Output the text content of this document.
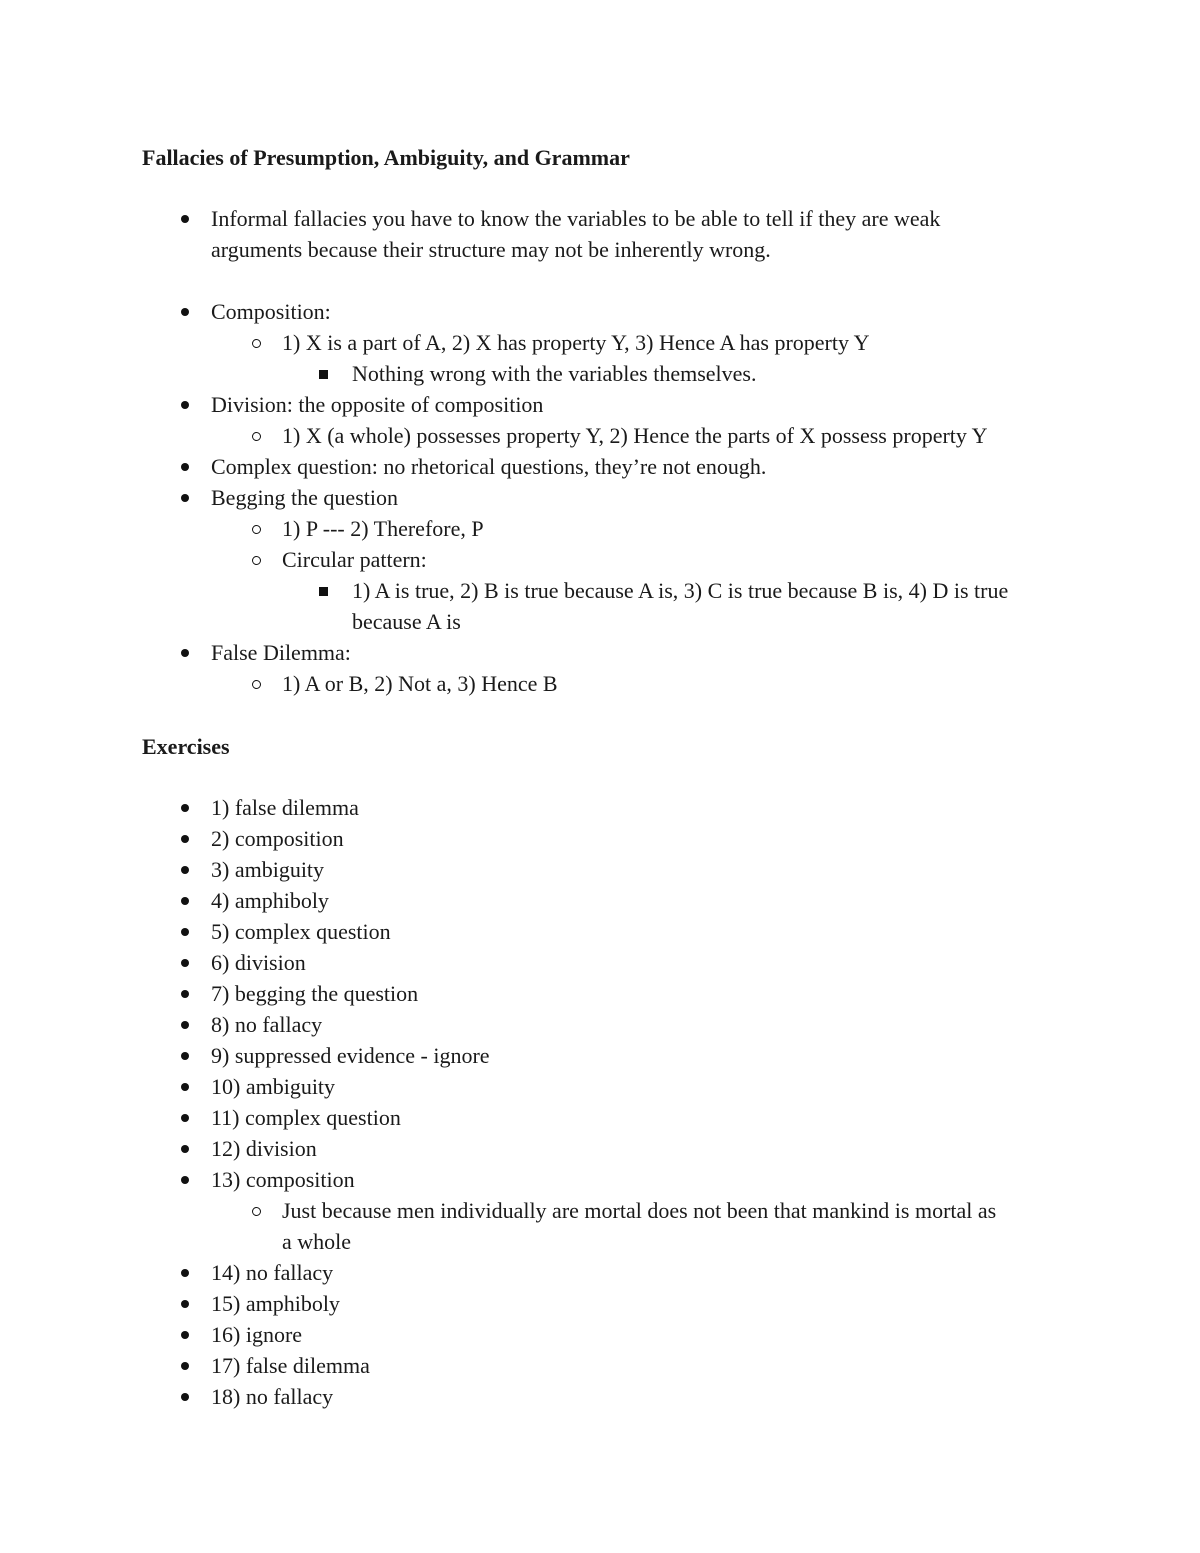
Fallacies of Presumption, Ambiguity, and Grammar
Informal fallacies you have to know the variables to be able to tell if they are weak
arguments because their structure may not be inherently wrong.
Composition:
1) X is a part of A, 2) X has property Y, 3) Hence A has property Y
Nothing wrong with the variables themselves.
Division: the opposite of composition
1) X (a whole) possesses property Y, 2) Hence the parts of X possess property Y
Complex question: no rhetorical questions, they’re not enough.
Begging the question
1) P --- 2) Therefore, P
Circular pattern:
1) A is true, 2) B is true because A is, 3) C is true because B is, 4) D is true
because A is
False Dilemma:
1) A or B, 2) Not a, 3) Hence B
Exercises
1) false dilemma
2) composition
3) ambiguity
4) amphiboly
5) complex question
6) division
7) begging the question
8) no fallacy
9) suppressed evidence - ignore
10) ambiguity
11) complex question
12) division
13) composition
Just because men individually are mortal does not been that mankind is mortal as
a whole
14) no fallacy
15) amphiboly
16) ignore
17) false dilemma
18) no fallacy
